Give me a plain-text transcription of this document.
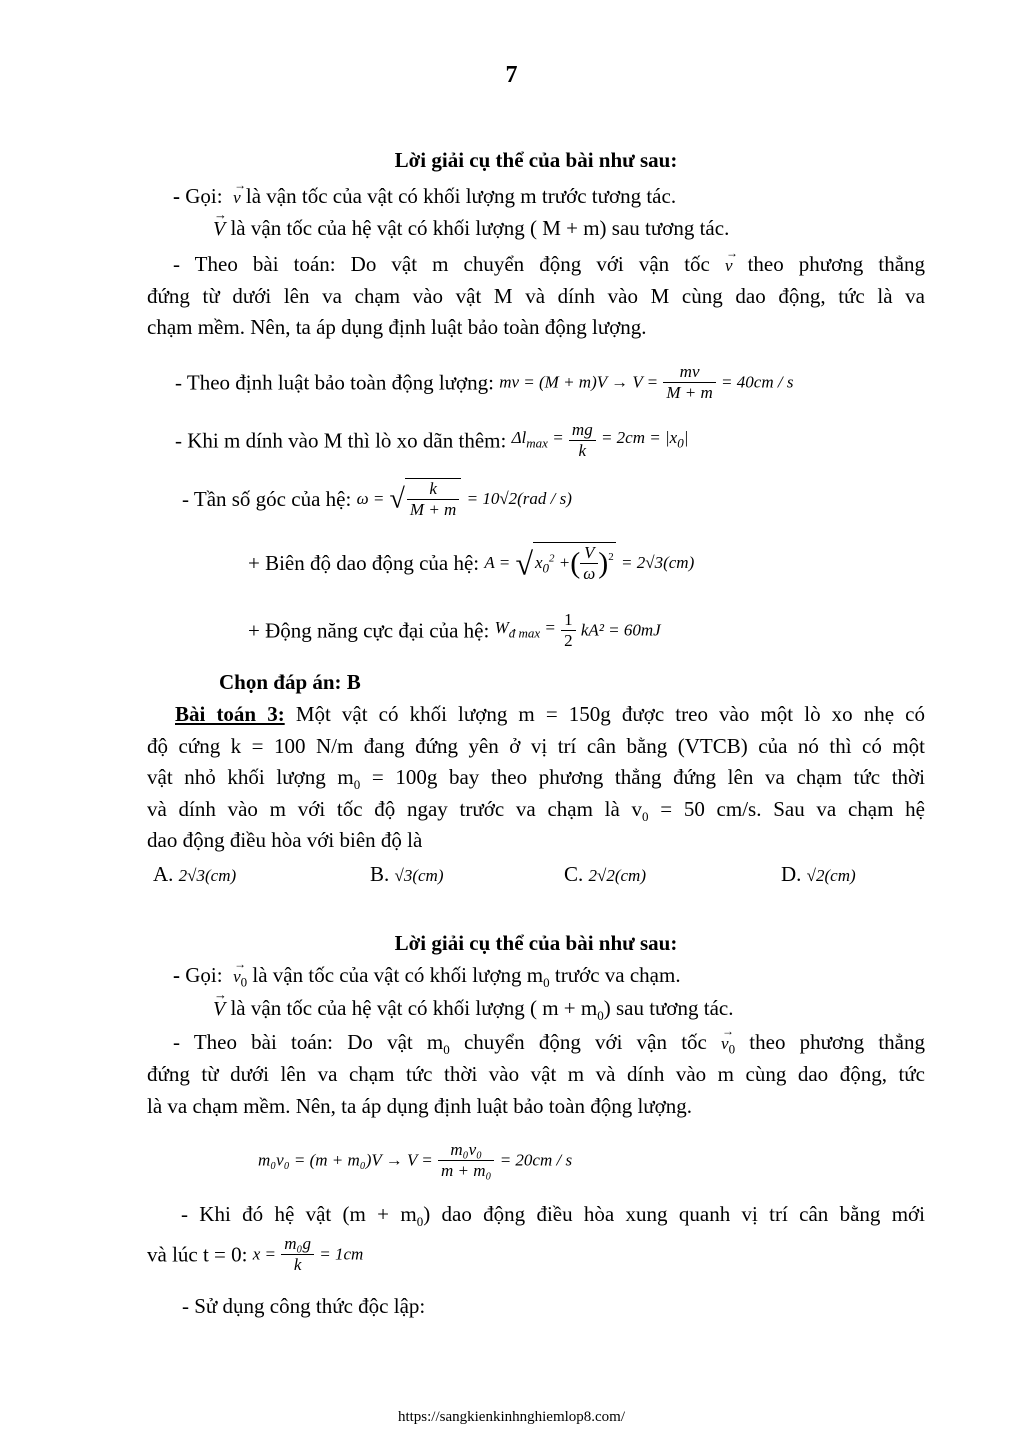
7
Lời giải cụ thể của bài như sau:
- Gọi: → v là vận tốc của vật có khối lượng m trước tương tác.
→ V là vận tốc của hệ vật có khối lượng ( M + m) sau tương tác.
- Theo bài toán: Do vật m chuyển động với vận tốc → v theo phương thẳng
đứng từ dưới lên va chạm vào vật M và dính vào M cùng dao động, tức là va
chạm mềm. Nên, ta áp dụng định luật bảo toàn động lượng.
- Theo định luật bảo toàn động lượng: mv = $(M + m)V \to V = \frac{mv}{M + m} = 40cm / s$
- Khi m dính vào M thì lò xo dãn thêm: $\Delta l_{max} = \frac{mg}{k} = 2cm = |x_0|$
- Tần số góc của hệ: ω = √ $\frac{k}{M + m} = 10√2(rad / s)$
+ Biên độ dao động của hệ: A = √ $x_0^2$ +( $\frac{V}{\omega} )^2 = 2√3(cm)$
+ Động năng cực đại của hệ: $W_{đ max} = \frac{1}{2} kA^2 = 60mJ$
Chọn đáp án: B
Bài toán 3: Một vật có khối lượng m = 150g được treo vào một lò xo nhẹ có
độ cứng k = 100 N/m đang đứng yên ở vị trí cân bằng (VTCB) của nó thì có một
vật nhỏ khối lượng $m_0 = 100g$ bay theo phương thẳng đứng lên va chạm tức thời
và dính vào m với tốc độ ngay trước va chạm là $v_0 = 50$ cm/s. Sau va chạm hệ
dao động điều hòa với biên độ là
A. 2√3(cm)	B. √3(cm)	C. 2√2(cm)	D. √2(cm)
Lời giải cụ thể của bài như sau:
- Gọi: → $v_0$ là vận tốc của vật có khối lượng $m_0$ trước va chạm.
→ V là vận tốc của hệ vật có khối lượng ( $m + m_0$) sau tương tác.
- Theo bài toán: Do vật $m_0$ chuyển động với vận tốc → $v_0$ theo phương thẳng
đứng từ dưới lên va chạm tức thời vào vật m và dính vào m cùng dao động, tức
là va chạm mềm. Nên, ta áp dụng định luật bảo toàn động lượng.
$m_0v_0 = (m + m_0)V \to V = \frac{\text{m₀v₀}}{\text{m + m₀}} = 20cm / s$
- Khi đó hệ vật $(m + m_0)$ dao động điều hòa xung quanh vị trí cân bằng mới
và lúc t = 0: $x = \frac{\text{m₀g}}{k} = 1cm$
- Sử dụng công thức độc lập:
https://sangkienkinhnghiemlop8.com/
